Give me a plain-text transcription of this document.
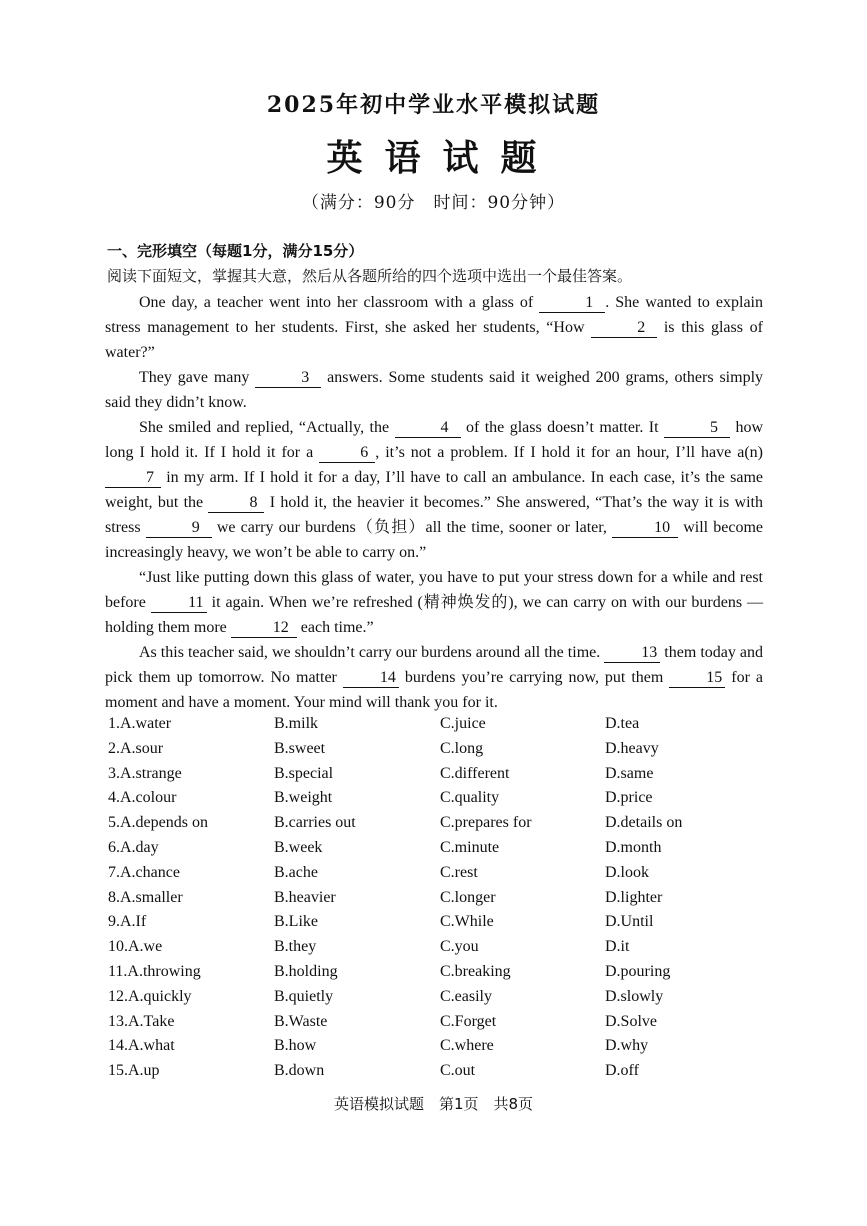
2025年初中学业水平模拟试题
英语试题
（满分：90分　时间：90分钟）
一、完形填空（每题1分，满分15分）
阅读下面短文，掌握其大意，然后从各题所给的四个选项中选出一个最佳答案。

One day, a teacher went into her classroom with a glass of	1 . She wanted to explain stress management to her students. First, she asked her students, “How	2 is this glass of water?”

They gave many	3 answers. Some students said it weighed 200 grams, others simply said they didn’t know.

She smiled and replied, “Actually, the	4 of the glass doesn’t matter. It	5 how long I hold it. If I hold it for a	6 , it’s not a problem. If I hold it for an hour, I’ll have a(n) 7 in my arm. If I hold it for a day, I’ll have to call an ambulance. In each case, it’s the same weight, but the	8 I hold it, the heavier it becomes.” She answered, “That’s the way it is with stress	9 we carry our burdens（负担）all the time, sooner or later,	10 will become increasingly heavy, we won’t be able to carry on.”

“Just like putting down this glass of water, you have to put your stress down for a while and rest before 11 it again. When we’re refreshed (精神焕发的), we can carry on with our burdens — holding them more	12 each time.”

As this teacher said, we shouldn’t carry our burdens around all the time. 13 them today and pick them up tomorrow. No matter 14 burdens you’re carrying now, put them 15 for a moment and have a moment. Your mind will thank you for it.

1.A.water	B.milk	C.juice	D.tea
2.A.sour	B.sweet	C.long	D.heavy
3.A.strange	B.special	C.different	D.same
4.A.colour	B.weight	C.quality	D.price
5.A.depends on	B.carries out	C.prepares for	D.details on
6.A.day	B.week	C.minute	D.month
7.A.chance	B.ache	C.rest	D.look
8.A.smaller	B.heavier	C.longer	D.lighter
9.A.If	B.Like	C.While	D.Until
10.A.we	B.they	C.you	D.it
11.A.throwing	B.holding	C.breaking	D.pouring
12.A.quickly	B.quietly	C.easily	D.slowly
13.A.Take	B.Waste	C.Forget	D.Solve
14.A.what	B.how	C.where	D.why
15.A.up	B.down	C.out	D.off
英语模拟试题　第1页　共8页
